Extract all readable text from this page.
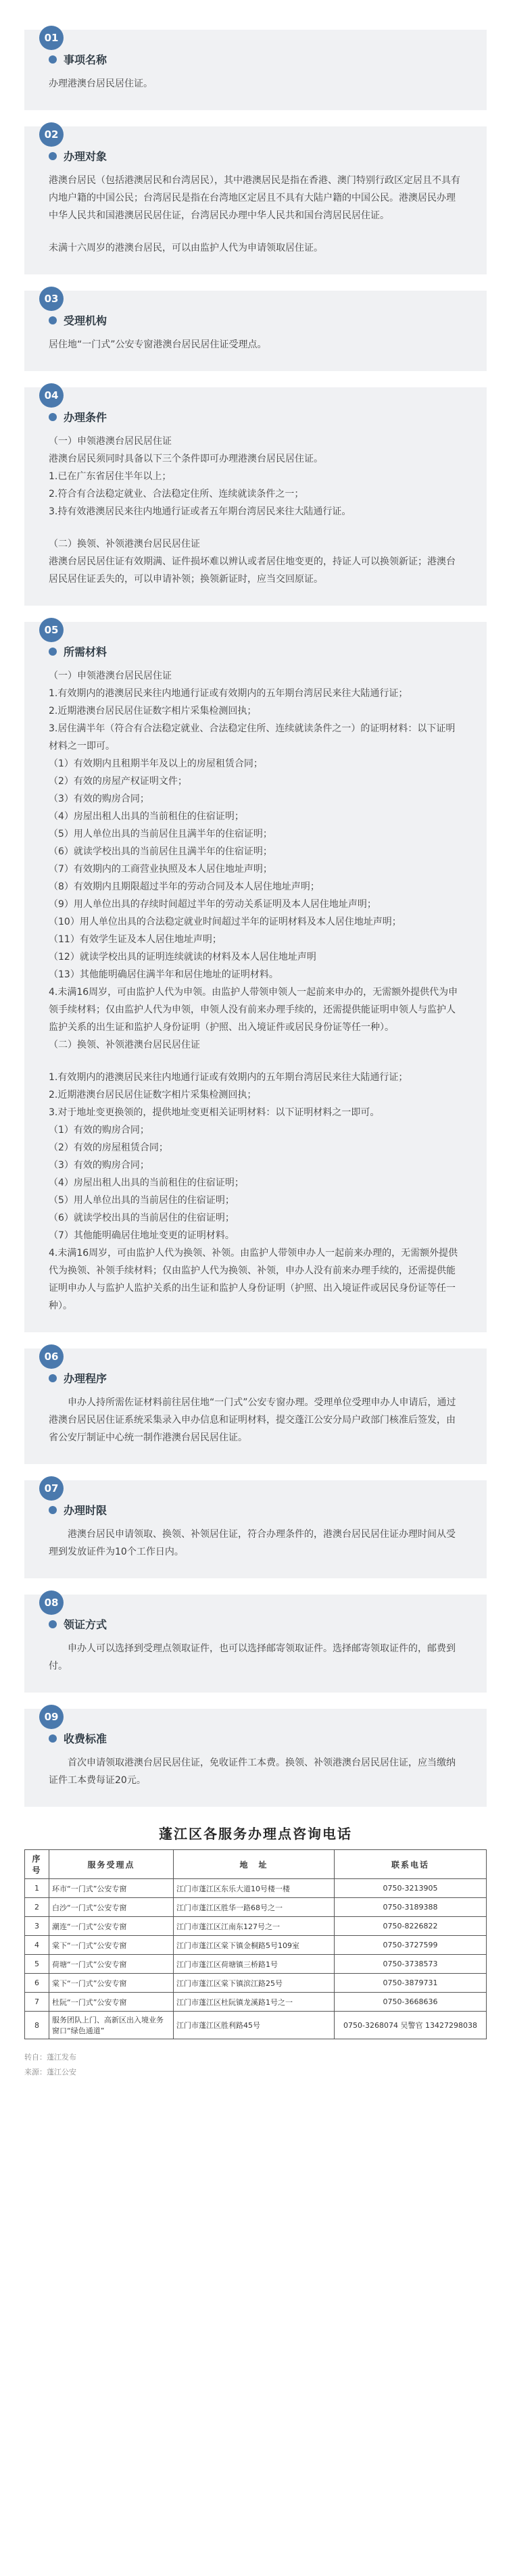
01
事项名称

办理港澳台居民居住证。

02
办理对象

港澳台居民（包括港澳居民和台湾居民），其中港澳居民是指在香港、澳门特别行政区定居且不具有内地户籍的中国公民；台湾居民是指在台湾地区定居且不具有大陆户籍的中国公民。港澳居民办理中华人民共和国港澳居民居住证，台湾居民办理中华人民共和国台湾居民居住证。

未满十六周岁的港澳台居民，可以由监护人代为申请领取居住证。

03
受理机构

居住地“一门式”公安专窗港澳台居民居住证受理点。

04
办理条件

（一）申领港澳台居民居住证

港澳台居民须同时具备以下三个条件即可办理港澳台居民居住证。

1.已在广东省居住半年以上；

2.符合有合法稳定就业、合法稳定住所、连续就读条件之一；

3.持有效港澳居民来往内地通行证或者五年期台湾居民来往大陆通行证。

（二）换领、补领港澳台居民居住证

港澳台居民居住证有效期满、证件损坏难以辨认或者居住地变更的，持证人可以换领新证；港澳台居民居住证丢失的，可以申请补领；换领新证时，应当交回原证。

05
所需材料

（一）申领港澳台居民居住证

1.有效期内的港澳居民来往内地通行证或有效期内的五年期台湾居民来往大陆通行证；

2.近期港澳台居民居住证数字相片采集检测回执；

3.居住满半年（符合有合法稳定就业、合法稳定住所、连续就读条件之一）的证明材料：以下证明材料之一即可。

（1）有效期内且租期半年及以上的房屋租赁合同；

（2）有效的房屋产权证明文件；

（3）有效的购房合同；

（4）房屋出租人出具的当前租住的住宿证明；

（5）用人单位出具的当前居住且满半年的住宿证明；

（6）就读学校出具的当前居住且满半年的住宿证明；

（7）有效期内的工商营业执照及本人居住地址声明；

（8）有效期内且期限超过半年的劳动合同及本人居住地址声明；

（9）用人单位出具的存续时间超过半年的劳动关系证明及本人居住地址声明；

（10）用人单位出具的合法稳定就业时间超过半年的证明材料及本人居住地址声明；

（11）有效学生证及本人居住地址声明；

（12）就读学校出具的证明连续就读的材料及本人居住地址声明

（13）其他能明确居住满半年和居住地址的证明材料。

4.未满16周岁，可由监护人代为申领。由监护人带领申领人一起前来申办的，无需额外提供代为申领手续材料；仅由监护人代为申领，申领人没有前来办理手续的，还需提供能证明申领人与监护人监护关系的出生证和监护人身份证明（护照、出入境证件或居民身份证等任一种）。

（二）换领、补领港澳台居民居住证

1.有效期内的港澳居民来往内地通行证或有效期内的五年期台湾居民来往大陆通行证；

2.近期港澳台居民居住证数字相片采集检测回执；

3.对于地址变更换领的，提供地址变更相关证明材料：以下证明材料之一即可。

（1）有效的购房合同；

（2）有效的房屋租赁合同；

（3）有效的购房合同；

（4）房屋出租人出具的当前租住的住宿证明；

（5）用人单位出具的当前居住的住宿证明；

（6）就读学校出具的当前居住的住宿证明；

（7）其他能明确居住地址变更的证明材料。

4.未满16周岁，可由监护人代为换领、补领。由监护人带领申办人一起前来办理的，无需额外提供代为换领、补领手续材料；仅由监护人代为换领、补领，申办人没有前来办理手续的，还需提供能证明申办人与监护人监护关系的出生证和监护人身份证明（护照、出入境证件或居民身份证等任一种）。

06
办理程序

申办人持所需佐证材料前往居住地“一门式”公安专窗办理。受理单位受理申办人申请后，通过港澳台居民居住证系统采集录入申办信息和证明材料，提交蓬江公安分局户政部门核准后签发，由省公安厅制证中心统一制作港澳台居民居住证。

07
办理时限

港澳台居民申请领取、换领、补领居住证，符合办理条件的，港澳台居民居住证办理时间从受理到发放证件为10个工作日内。

08
领证方式

申办人可以选择到受理点领取证件，也可以选择邮寄领取证件。选择邮寄领取证件的，邮费到付。

09
收费标准

首次申请领取港澳台居民居住证，免收证件工本费。换领、补领港澳台居民居住证，应当缴纳证件工本费每证20元。

蓬江区各服务办理点咨询电话
序号	服务受理点	地　址	联系电话
1	环市“一门式”公安专窗	江门市蓬江区东乐大道10号楼一楼	0750-3213905
2	白沙“一门式”公安专窗	江门市蓬江区胜华一路68号之一	0750-3189388
3	潮连“一门式”公安专窗	江门市蓬江区江南东127号之一	0750-8226822
4	棠下“一门式”公安专窗	江门市蓬江区棠下镇金桐路5号109室	0750-3727599
5	荷塘“一门式”公安专窗	江门市蓬江区荷塘镇三桥路1号	0750-3738573
6	棠下“一门式”公安专窗	江门市蓬江区棠下镇滨江路25号	0750-3879731
7	杜阮“一门式”公安专窗	江门市蓬江区杜阮镇龙溪路1号之一	0750-3668636
8	服务团队上门、高新区出入境业务窗口“绿色通道”	江门市蓬江区胜利路45号	0750-3268074 吴警官 13427298038
转自：蓬江发布
来源：蓬江公安
